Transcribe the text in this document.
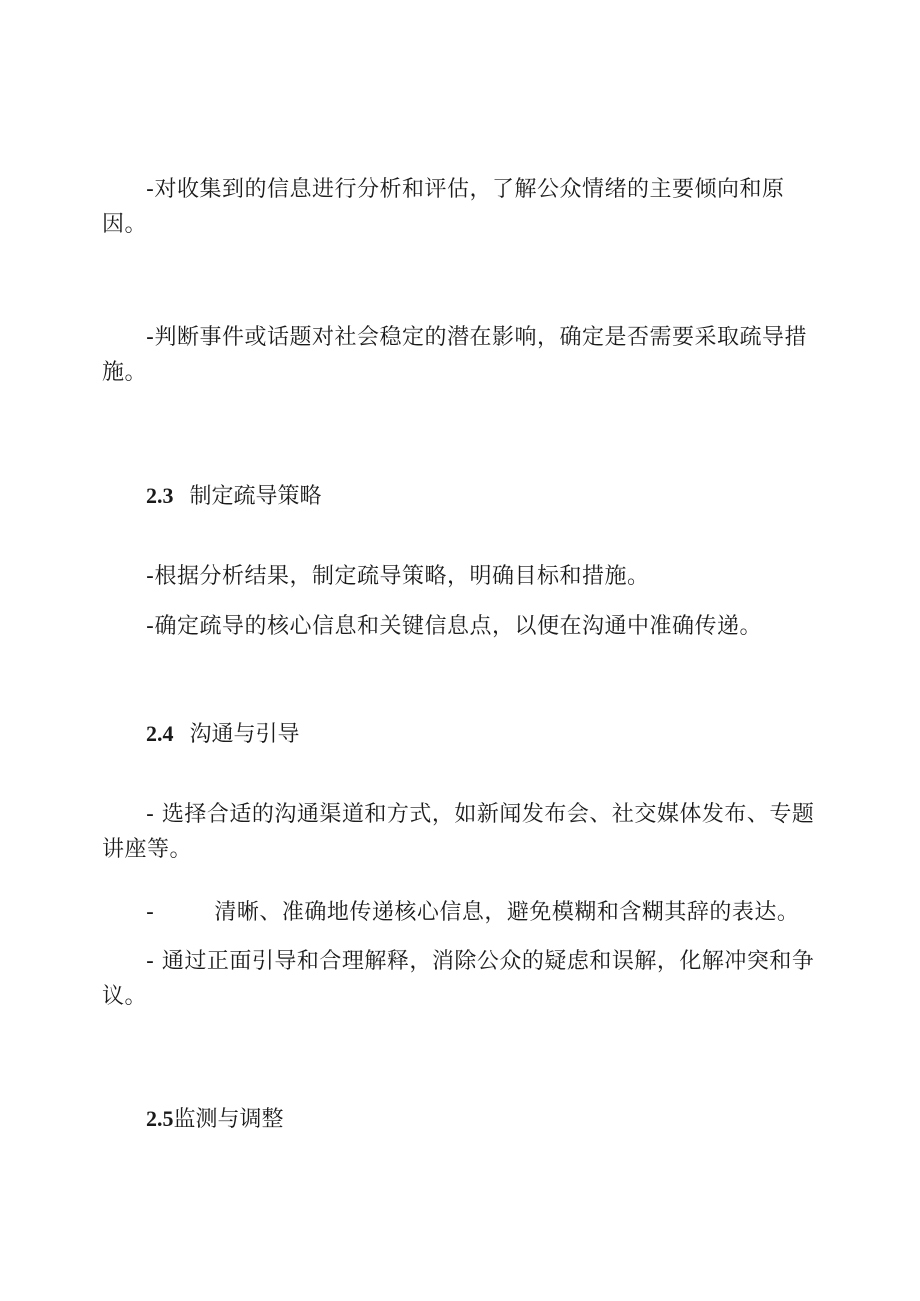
-对收集到的信息进行分析和评估，了解公众情绪的主要倾向和原因。

-判断事件或话题对社会稳定的潜在影响，确定是否需要采取疏导措施。

2.3 制定疏导策略

-根据分析结果，制定疏导策略，明确目标和措施。

-确定疏导的核心信息和关键信息点，以便在沟通中准确传递。

2.4 沟通与引导

- 选择合适的沟通渠道和方式，如新闻发布会、社交媒体发布、专题讲座等。

-        清晰、准确地传递核心信息，避免模糊和含糊其辞的表达。

- 通过正面引导和合理解释，消除公众的疑虑和误解，化解冲突和争议。

2.5监测与调整
